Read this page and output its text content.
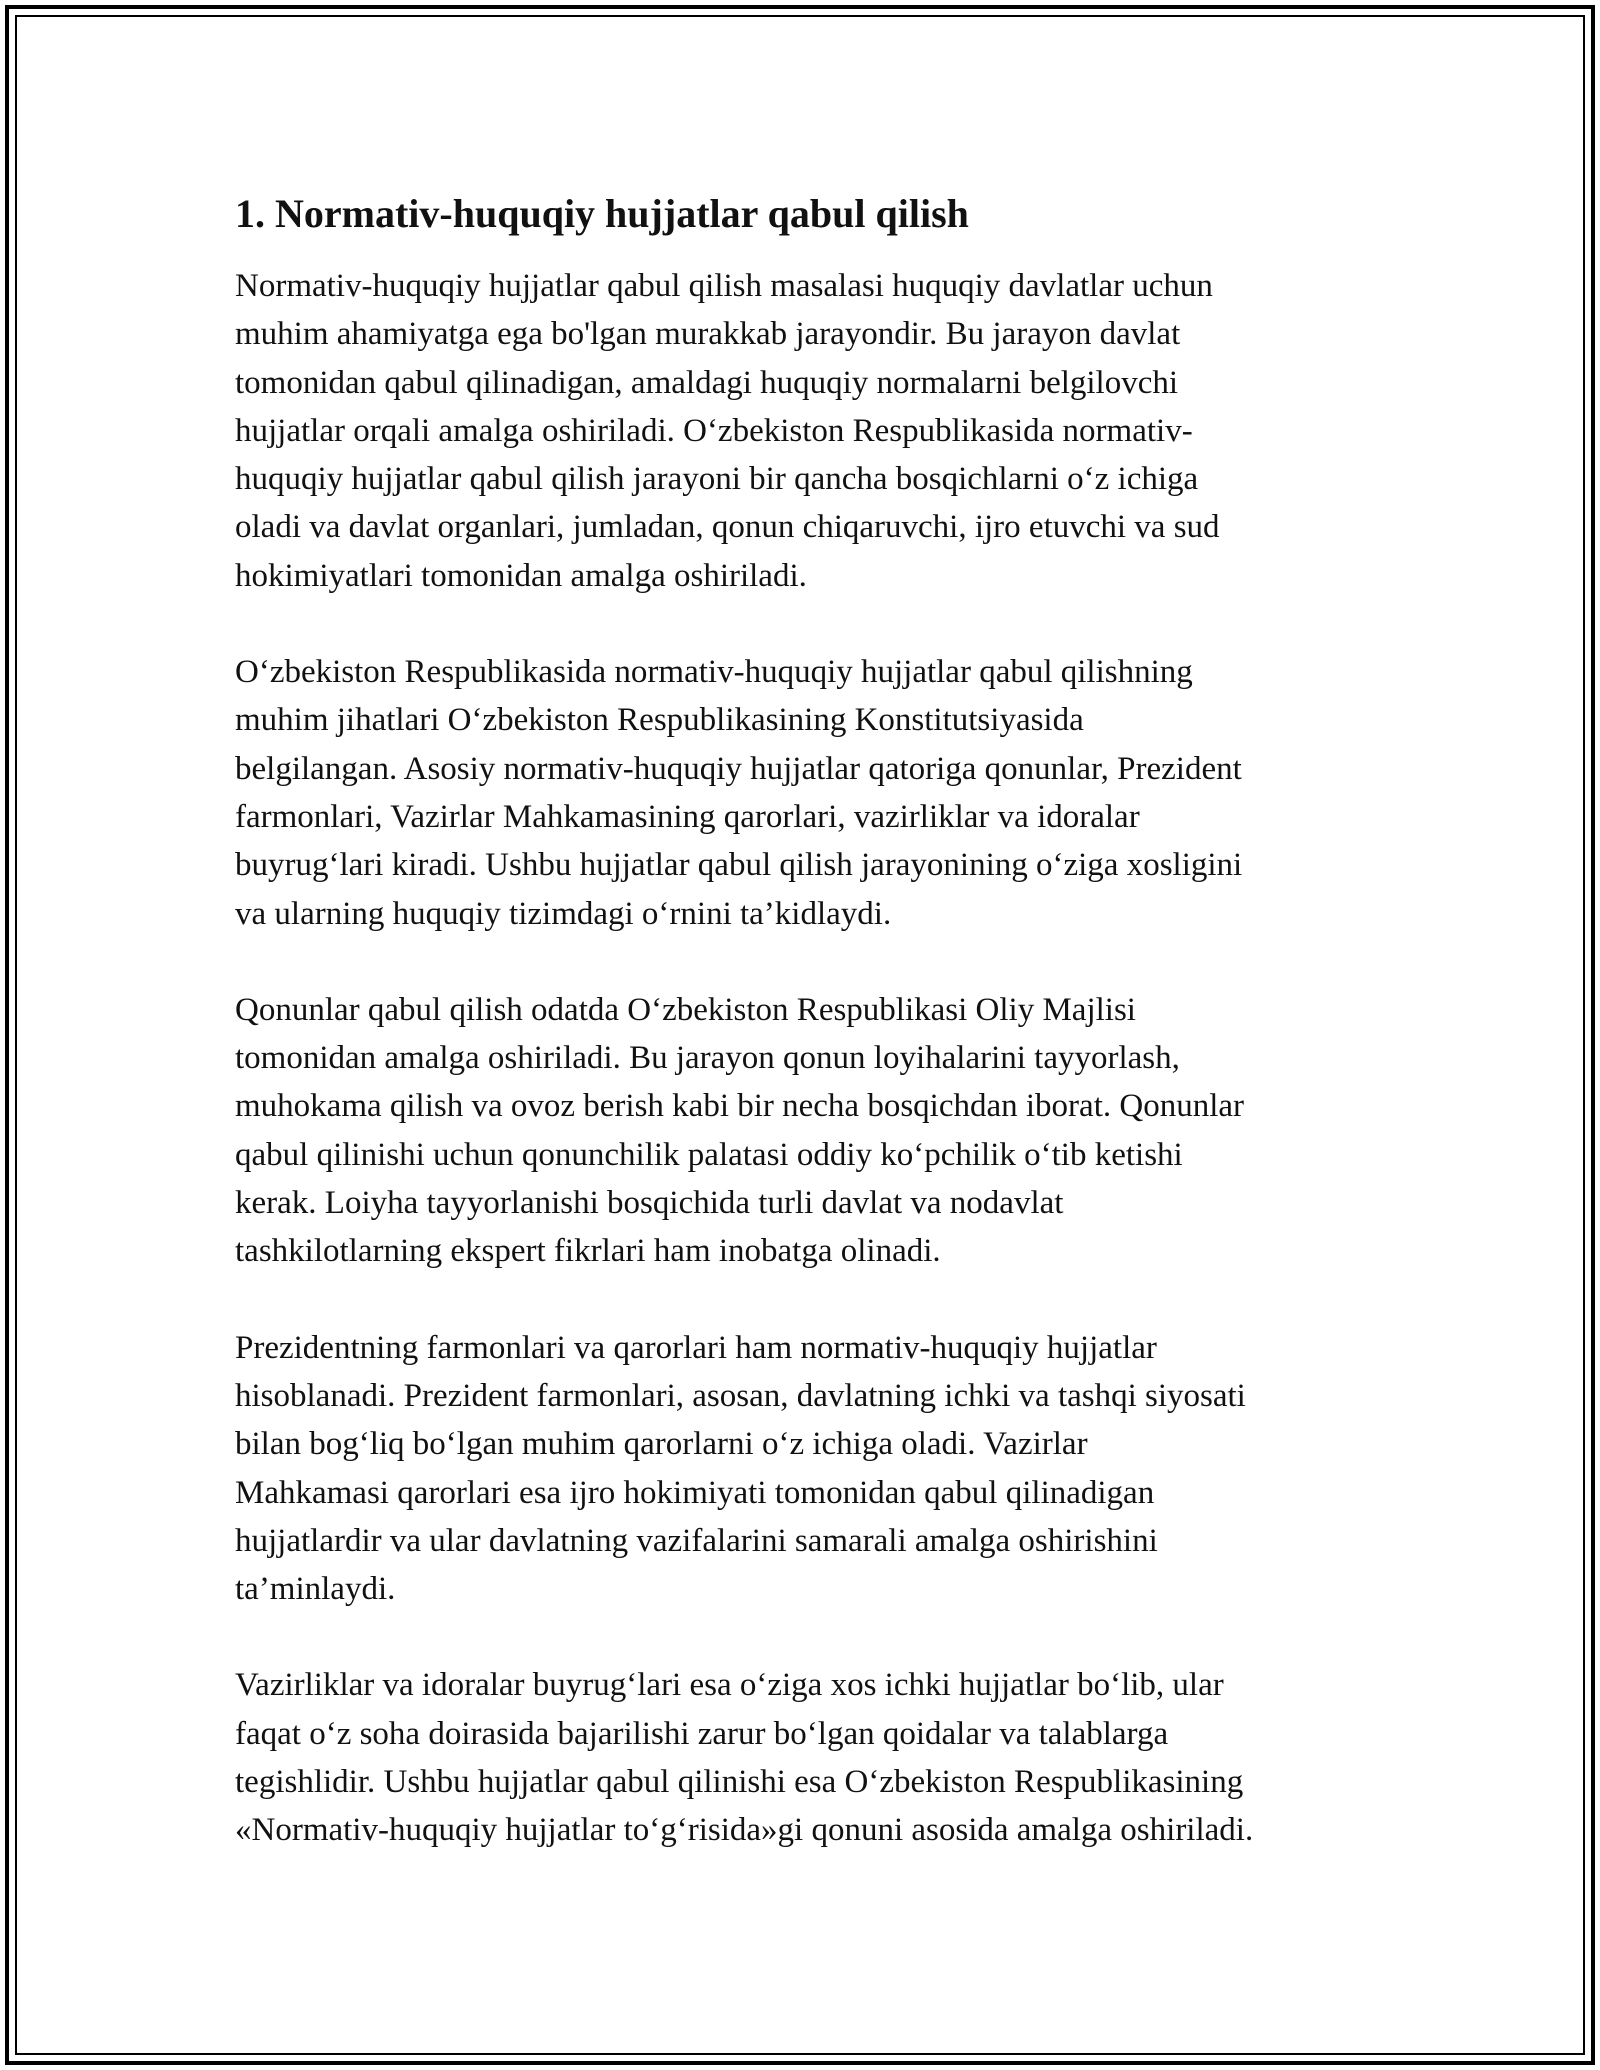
1. Normativ-huquqiy hujjatlar qabul qilish

Normativ-huquqiy hujjatlar qabul qilish masalasi huquqiy davlatlar uchun
muhim ahamiyatga ega bo'lgan murakkab jarayondir. Bu jarayon davlat
tomonidan qabul qilinadigan, amaldagi huquqiy normalarni belgilovchi
hujjatlar orqali amalga oshiriladi. O‘zbekiston Respublikasida normativ-
huquqiy hujjatlar qabul qilish jarayoni bir qancha bosqichlarni o‘z ichiga
oladi va davlat organlari, jumladan, qonun chiqaruvchi, ijro etuvchi va sud
hokimiyatlari tomonidan amalga oshiriladi.

O‘zbekiston Respublikasida normativ-huquqiy hujjatlar qabul qilishning
muhim jihatlari O‘zbekiston Respublikasining Konstitutsiyasida
belgilangan. Asosiy normativ-huquqiy hujjatlar qatoriga qonunlar, Prezident
farmonlari, Vazirlar Mahkamasining qarorlari, vazirliklar va idoralar
buyrug‘lari kiradi. Ushbu hujjatlar qabul qilish jarayonining o‘ziga xosligini
va ularning huquqiy tizimdagi o‘rnini ta’kidlaydi.

Qonunlar qabul qilish odatda O‘zbekiston Respublikasi Oliy Majlisi
tomonidan amalga oshiriladi. Bu jarayon qonun loyihalarini tayyorlash,
muhokama qilish va ovoz berish kabi bir necha bosqichdan iborat. Qonunlar
qabul qilinishi uchun qonunchilik palatasi oddiy ko‘pchilik o‘tib ketishi
kerak. Loiyha tayyorlanishi bosqichida turli davlat va nodavlat
tashkilotlarning ekspert fikrlari ham inobatga olinadi.

Prezidentning farmonlari va qarorlari ham normativ-huquqiy hujjatlar
hisoblanadi. Prezident farmonlari, asosan, davlatning ichki va tashqi siyosati
bilan bog‘liq bo‘lgan muhim qarorlarni o‘z ichiga oladi. Vazirlar
Mahkamasi qarorlari esa ijro hokimiyati tomonidan qabul qilinadigan
hujjatlardir va ular davlatning vazifalarini samarali amalga oshirishini
ta’minlaydi.

Vazirliklar va idoralar buyrug‘lari esa o‘ziga xos ichki hujjatlar bo‘lib, ular
faqat o‘z soha doirasida bajarilishi zarur bo‘lgan qoidalar va talablarga
tegishlidir. Ushbu hujjatlar qabul qilinishi esa O‘zbekiston Respublikasining
«Normativ-huquqiy hujjatlar to‘g‘risida»gi qonuni asosida amalga oshiriladi.
